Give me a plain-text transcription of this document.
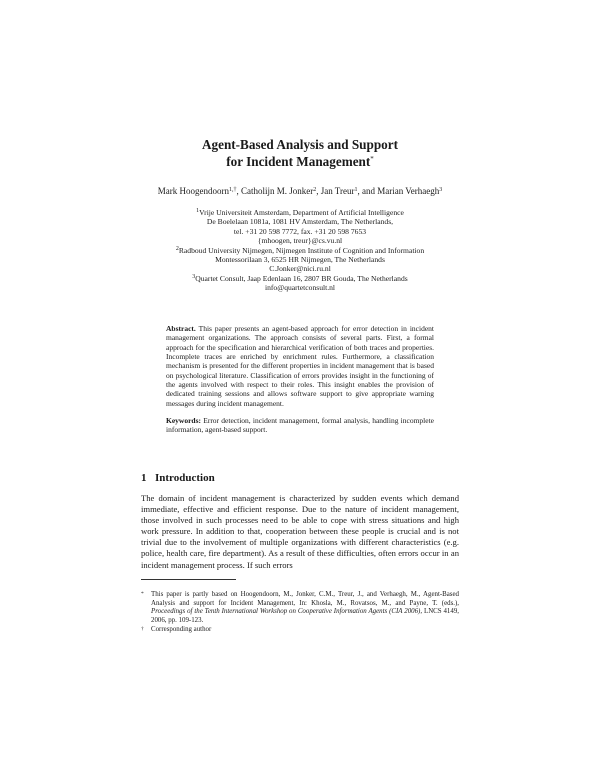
Agent-Based Analysis and Support
for Incident Management*
Mark Hoogendoorn$^{1,\dagger}$, Catholijn M. Jonker$^2$, Jan Treur$^1$, and Marian Verhaegh$^3$
$^1$Vrije Universiteit Amsterdam, Department of Artificial Intelligence
De Boelelaan 1081a, 1081 HV Amsterdam, The Netherlands,
tel. +31 20 598 7772, fax. +31 20 598 7653
{mhoogen, treur}@cs.vu.nl
$^2$Radboud University Nijmegen, Nijmegen Institute of Cognition and Information
Montessorilaan 3, 6525 HR Nijmegen, The Netherlands
C.Jonker@nici.ru.nl
$^3$Quartet Consult, Jaap Edenlaan 16, 2807 BR Gouda, The Netherlands
info@quartetconsult.nl
Abstract. This paper presents an agent-based approach for error detection in incident management organizations. The approach consists of several parts. First, a formal approach for the specification and hierarchical verification of both traces and properties. Incomplete traces are enriched by enrichment rules. Furthermore, a classification mechanism is presented for the different properties in incident management that is based on psychological literature. Classification of errors provides insight in the functioning of the agents involved with respect to their roles. This insight enables the provision of dedicated training sessions and allows software support to give appropriate warning messages during incident management.
Keywords: Error detection, incident management, formal analysis, handling incomplete information, agent-based support.
1 Introduction
The domain of incident management is characterized by sudden events which demand immediate, effective and efficient response. Due to the nature of incident management, those involved in such processes need to be able to cope with stress situations and high work pressure. In addition to that, cooperation between these people is crucial and is not trivial due to the involvement of multiple organizations with different characteristics (e.g. police, health care, fire department). As a result of these difficulties, often errors occur in an incident management process. If such errors
*	This paper is partly based on Hoogendoorn, M., Jonker, C.M., Treur, J., and Verhaegh, M., Agent-Based Analysis and support for Incident Management, In: Khosla, M., Rovatsos, M., and Payne, T. (eds.), Proceedings of the Tenth International Workshop on Cooperative Information Agents (CIA 2006), LNCS 4149, 2006, pp. 109-123.
†	Corresponding author
